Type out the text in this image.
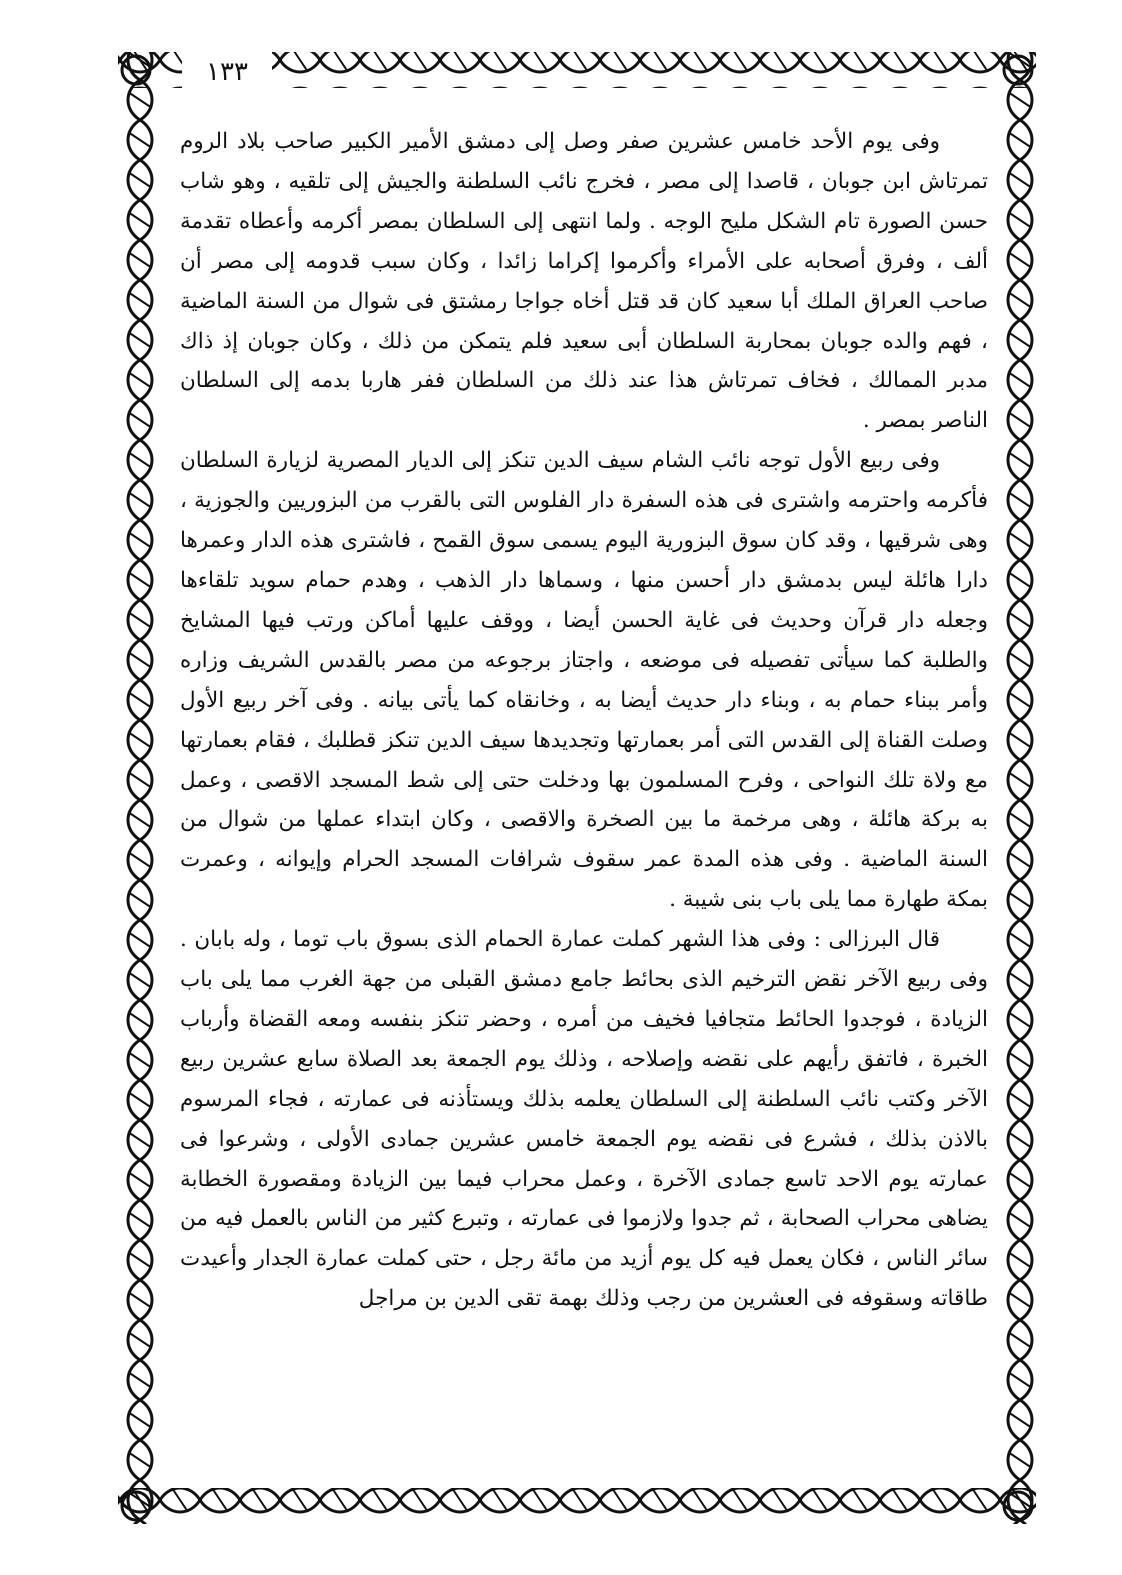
١٣٣

وفى يوم الأحد خامس عشرين صفر وصل إلى دمشق الأمير الكبير صاحب بلاد الروم تمرتاش ابن جوبان ، قاصدا إلى مصر ، فخرج نائب السلطنة والجيش إلى تلقيه ، وهو شاب حسن الصورة تام الشكل مليح الوجه . ولما انتهى إلى السلطان بمصر أكرمه وأعطاه تقدمة ألف ، وفرق أصحابه على الأمراء وأكرموا إكراما زائدا ، وكان سبب قدومه إلى مصر أن صاحب العراق الملك أبا سعيد كان قد قتل أخاه جواجا رمشتق فى شوال من السنة الماضية ، فهم والده جوبان بمحاربة السلطان أبى سعيد فلم يتمكن من ذلك ، وكان جوبان إذ ذاك مدبر الممالك ، فخاف تمرتاش هذا عند ذلك من السلطان ففر هاربا بدمه إلى السلطان الناصر بمصر .

وفى ربيع الأول توجه نائب الشام سيف الدين تنكز إلى الديار المصرية لزيارة السلطان فأكرمه واحترمه واشترى فى هذه السفرة دار الفلوس التى بالقرب من البزوريين والجوزية ، وهى شرقيها ، وقد كان سوق البزورية اليوم يسمى سوق القمح ، فاشترى هذه الدار وعمرها دارا هائلة ليس بدمشق دار أحسن منها ، وسماها دار الذهب ، وهدم حمام سويد تلقاءها وجعله دار قرآن وحديث فى غاية الحسن أيضا ، ووقف عليها أماكن ورتب فيها المشايخ والطلبة كما سيأتى تفصيله فى موضعه ، واجتاز برجوعه من مصر بالقدس الشريف وزاره وأمر ببناء حمام به ، وبناء دار حديث أيضا به ، وخانقاه كما يأتى بيانه . وفى آخر ربيع الأول وصلت القناة إلى القدس التى أمر بعمارتها وتجديدها سيف الدين تنكز قطلبك ، فقام بعمارتها مع ولاة تلك النواحى ، وفرح المسلمون بها ودخلت حتى إلى شط المسجد الاقصى ، وعمل به بركة هائلة ، وهى مرخمة ما بين الصخرة والاقصى ، وكان ابتداء عملها من شوال من السنة الماضية . وفى هذه المدة عمر سقوف شرافات المسجد الحرام وإيوانه ، وعمرت بمكة طهارة مما يلى باب بنى شيبة .

قال البرزالى : وفى هذا الشهر كملت عمارة الحمام الذى بسوق باب توما ، وله بابان . وفى ربيع الآخر نقض الترخيم الذى بحائط جامع دمشق القبلى من جهة الغرب مما يلى باب الزيادة ، فوجدوا الحائط متجافيا فخيف من أمره ، وحضر تنكز بنفسه ومعه القضاة وأرباب الخبرة ، فاتفق رأيهم على نقضه وإصلاحه ، وذلك يوم الجمعة بعد الصلاة سابع عشرين ربيع الآخر وكتب نائب السلطنة إلى السلطان يعلمه بذلك ويستأذنه فى عمارته ، فجاء المرسوم بالاذن بذلك ، فشرع فى نقضه يوم الجمعة خامس عشرين جمادى الأولى ، وشرعوا فى عمارته يوم الاحد تاسع جمادى الآخرة ، وعمل محراب فيما بين الزيادة ومقصورة الخطابة يضاهى محراب الصحابة ، ثم جدوا ولازموا فى عمارته ، وتبرع كثير من الناس بالعمل فيه من سائر الناس ، فكان يعمل فيه كل يوم أزيد من مائة رجل ، حتى كملت عمارة الجدار وأعيدت طاقاته وسقوفه فى العشرين من رجب وذلك بهمة تقى الدين بن مراجل
